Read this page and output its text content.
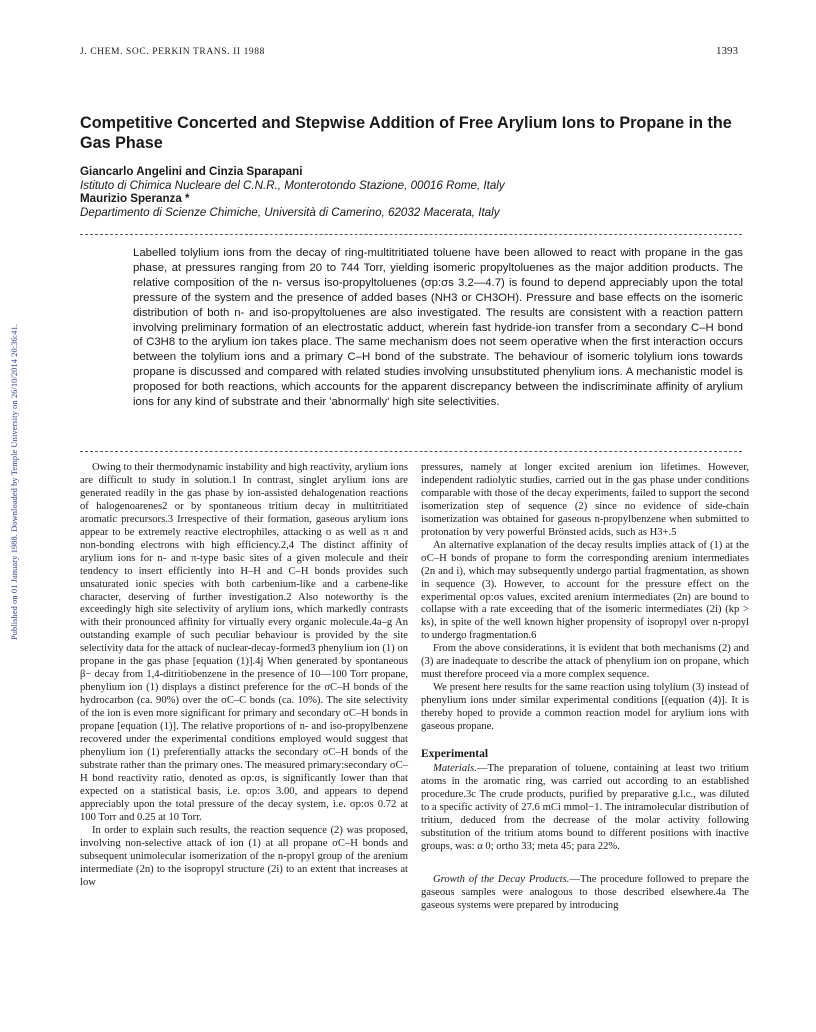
Published on 01 January 1988. Downloaded by Temple University on 26/10/2014 20:36:41.
J. CHEM. SOC. PERKIN TRANS. II 1988	1393
Competitive Concerted and Stepwise Addition of Free Arylium Ions to Propane in the Gas Phase
Giancarlo Angelini and Cinzia Sparapani
Istituto di Chimica Nucleare del C.N.R., Monterotondo Stazione, 00016 Rome, Italy
Maurizio Speranza *
Departimento di Scienze Chimiche, Università di Camerino, 62032 Macerata, Italy
Labelled tolylium ions from the decay of ring-multitritiated toluene have been allowed to react with propane in the gas phase, at pressures ranging from 20 to 744 Torr, yielding isomeric propyltoluenes as the major addition products. The relative composition of the n- versus iso-propyltoluenes (σp:σs 3.2—4.7) is found to depend appreciably upon the total pressure of the system and the presence of added bases (NH3 or CH3OH). Pressure and base effects on the isomeric distribution of both n- and iso-propyltoluenes are also investigated. The results are consistent with a reaction pattern involving preliminary formation of an electrostatic adduct, wherein fast hydride-ion transfer from a secondary C–H bond of C3H8 to the arylium ion takes place. The same mechanism does not seem operative when the first interaction occurs between the tolylium ions and a primary C–H bond of the substrate. The behaviour of isomeric tolylium ions towards propane is discussed and compared with related studies involving unsubstituted phenylium ions. A mechanistic model is proposed for both reactions, which accounts for the apparent discrepancy between the indiscriminate affinity of arylium ions for any kind of substrate and their 'abnormally' high site selectivities.

Owing to their thermodynamic instability and high reactivity, arylium ions are difficult to study in solution.1 In contrast, singlet arylium ions are generated readily in the gas phase by ion-assisted dehalogenation reactions of halogenoarenes2 or by spontaneous tritium decay in multitritiated aromatic precursors.3 Irrespective of their formation, gaseous arylium ions appear to be extremely reactive electrophiles, attacking σ as well as π and non-bonding electrons with high efficiency.2,4 The distinct affinity of arylium ions for n- and π-type basic sites of a given molecule and their tendency to insert efficiently into H–H and C–H bonds provides such unsaturated ionic species with both carbenium-like and a carbene-like character, deserving of further investigation.2 Also noteworthy is the exceedingly high site selectivity of arylium ions, which markedly contrasts with their pronounced affinity for virtually every organic molecule.4a–g An outstanding example of such peculiar behaviour is provided by the site selectivity data for the attack of nuclear-decay-formed3 phenylium ion (1) on propane in the gas phase [equation (1)].4j When generated by spontaneous β− decay from 1,4-ditritiobenzene in the presence of 10—100 Torr propane, phenylium ion (1) displays a distinct preference for the σC–H bonds of the hydrocarbon (ca. 90%) over the σC–C bonds (ca. 10%). The site selectivity of the ion is even more significant for primary and secondary σC–H bonds in propane [equation (1)]. The relative proportions of n- and iso-propylbenzene recovered under the experimental conditions employed would suggest that phenylium ion (1) preferentially attacks the secondary σC–H bonds of the substrate rather than the primary ones. The measured primary:secondary σC–H bond reactivity ratio, denoted as σp:σs, is significantly lower than that expected on a statistical basis, i.e. σp:σs 3.00, and appears to depend appreciably upon the total pressure of the decay system, i.e. σp:σs 0.72 at 100 Torr and 0.25 at 10 Torr.

In order to explain such results, the reaction sequence (2) was proposed, involving non-selective attack of ion (1) at all propane σC–H bonds and subsequent unimolecular isomerization of the n-propyl group of the arenium intermediate (2n) to the isopropyl structure (2i) to an extent that increases at low

pressures, namely at longer excited arenium ion lifetimes. However, independent radiolytic studies, carried out in the gas phase under conditions comparable with those of the decay experiments, failed to support the second isomerization step of sequence (2) since no evidence of side-chain isomerization was obtained for gaseous n-propylbenzene when submitted to protonation by very powerful Brönsted acids, such as H3+.5

An alternative explanation of the decay results implies attack of (1) at the σC–H bonds of propane to form the corresponding arenium intermediates (2n and i), which may subsequently undergo partial fragmentation, as shown in sequence (3). However, to account for the pressure effect on the experimental σp:σs values, excited arenium intermediates (2n) are bound to collapse with a rate exceeding that of the isomeric intermediates (2i) (kp > ks), in spite of the well known higher propensity of isopropyl over n-propyl to undergo fragmentation.6

From the above considerations, it is evident that both mechanisms (2) and (3) are inadequate to describe the attack of phenylium ion on propane, which must therefore proceed via a more complex sequence.

We present here results for the same reaction using tolylium (3) instead of phenylium ions under similar experimental conditions [(equation (4)]. It is thereby hoped to provide a common reaction model for arylium ions with gaseous propane.

Experimental

Materials.—The preparation of toluene, containing at least two tritium atoms in the aromatic ring, was carried out according to an established procedure.3c The crude products, purified by preparative g.l.c., was diluted to a specific activity of 27.6 mCi mmol−1. The intramolecular distribution of tritium, deduced from the decrease of the molar activity following substitution of the tritium atoms bound to different positions with inactive groups, was: α 0; ortho 33; meta 45; para 22%.

Growth of the Decay Products.—The procedure followed to prepare the gaseous samples were analogous to those described elsewhere.4a The gaseous systems were prepared by introducing
